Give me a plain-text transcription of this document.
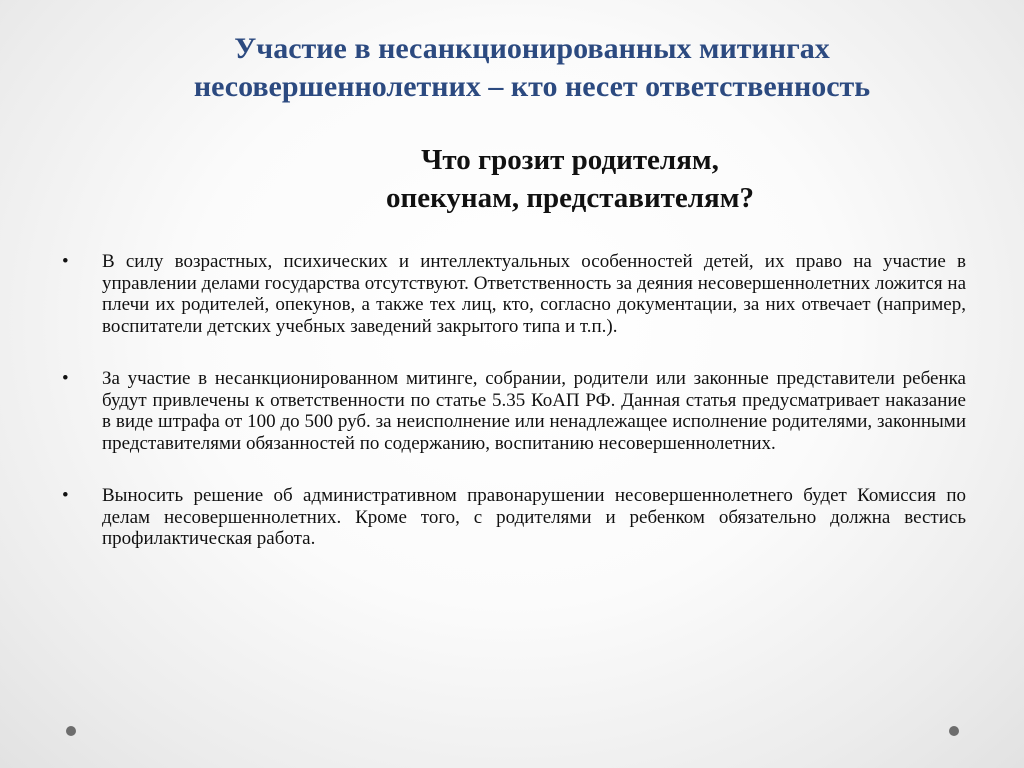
Участие в несанкционированных митингах
несовершеннолетних – кто несет ответственность
Что грозит родителям,
опекунам, представителям?
• В силу возрастных, психических и интеллектуальных особенностей детей, их право на участие в управлении делами государства отсутствуют. Ответственность за деяния несовершеннолетних ложится на плечи их родителей, опекунов, а также тех лиц, кто, согласно документации, за них отвечает (например, воспитатели детских учебных заведений закрытого типа и т.п.).
• За участие в несанкционированном митинге, собрании, родители или законные представители ребенка будут привлечены к ответственности по статье 5.35 КоАП РФ. Данная статья предусматривает наказание в виде штрафа от 100 до 500 руб. за неисполнение или ненадлежащее исполнение родителями, законными представителями обязанностей по содержанию, воспитанию несовершеннолетних.
• Выносить решение об административном правонарушении несовершеннолетнего будет Комиссия по делам несовершеннолетних. Кроме того, с родителями и ребенком обязательно должна вестись профилактическая работа.
